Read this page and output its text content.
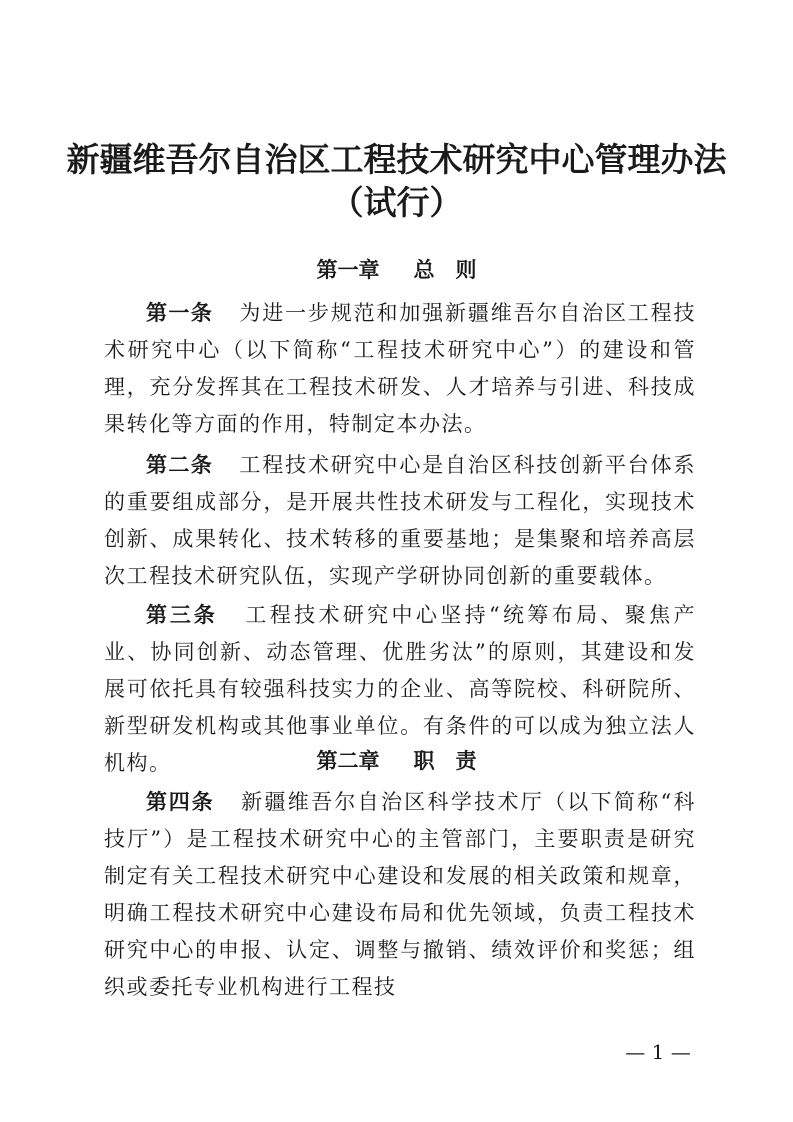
新疆维吾尔自治区工程技术研究中心管理办法
（试行）
第一章 总　则

第一条 为进一步规范和加强新疆维吾尔自治区工程技术研究中心（以下简称“工程技术研究中心”）的建设和管理，充分发挥其在工程技术研发、人才培养与引进、科技成果转化等方面的作用，特制定本办法。

第二条 工程技术研究中心是自治区科技创新平台体系的重要组成部分，是开展共性技术研发与工程化，实现技术创新、成果转化、技术转移的重要基地；是集聚和培养高层次工程技术研究队伍，实现产学研协同创新的重要载体。

第三条 工程技术研究中心坚持“统筹布局、聚焦产业、协同创新、动态管理、优胜劣汰”的原则，其建设和发展可依托具有较强科技实力的企业、高等院校、科研院所、新型研发机构或其他事业单位。有条件的可以成为独立法人机构。	第二章 职　责

第四条 新疆维吾尔自治区科学技术厅（以下简称“科技厅”）是工程技术研究中心的主管部门，主要职责是研究制定有关工程技术研究中心建设和发展的相关政策和规章，明确工程技术研究中心建设布局和优先领域，负责工程技术研究中心的申报、认定、调整与撤销、绩效评价和奖惩；组织或委托专业机构进行工程技

— 1 —
